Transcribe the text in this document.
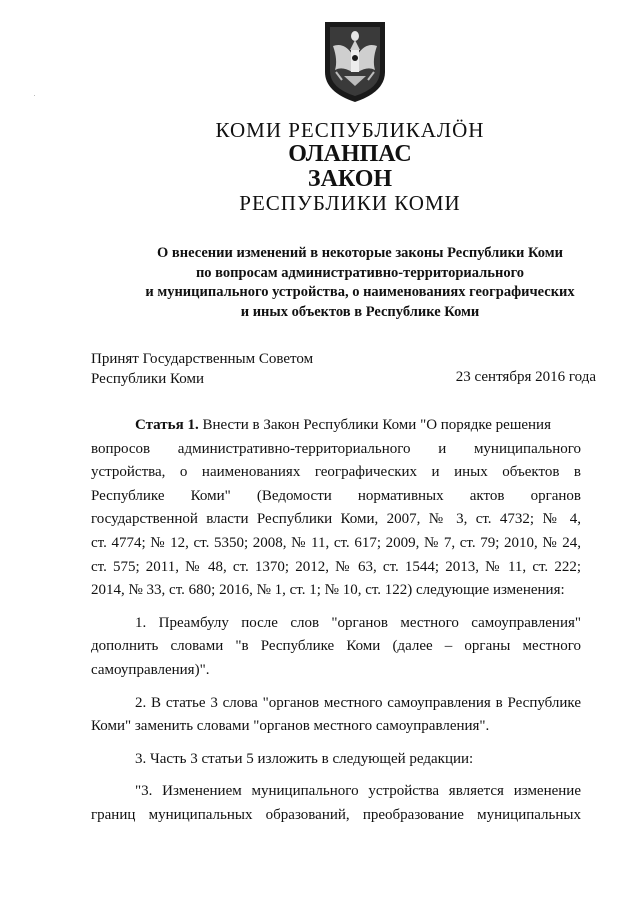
КОМИ РЕСПУБЛИКАЛӦН
ОЛАНПАС
ЗАКОН
РЕСПУБЛИКИ КОМИ
О внесении изменений в некоторые законы Республики Коми
по вопросам административно-территориального
и муниципального устройства, о наименованиях географических
и иных объектов в Республике Коми
Принят Государственным Советом
Республики Коми	23 сентября 2016 года
Статья 1. Внести в Закон Республики Коми "О порядке решения
вопросов административно-территориального и муниципального
устройства, о наименованиях географических и иных объектов в
Республике Коми" (Ведомости нормативных актов органов
государственной власти Республики Коми, 2007, № 3, ст. 4732; № 4,
ст. 4774; № 12, ст. 5350; 2008, № 11, ст. 617; 2009, № 7, ст. 79; 2010, № 24,
ст. 575; 2011, № 48, ст. 1370; 2012, № 63, ст. 1544; 2013, № 11, ст. 222;
2014, № 33, ст. 680; 2016, № 1, ст. 1; № 10, ст. 122) следующие изменения:
1. Преамбулу после слов "органов местного самоуправления"
дополнить словами "в Республике Коми (далее – органы местного
самоуправления)".
2. В статье 3 слова "органов местного самоуправления в Республике
Коми" заменить словами "органов местного самоуправления".
3. Часть 3 статьи 5 изложить в следующей редакции:
"3. Изменением муниципального устройства является изменение
границ муниципальных образований, преобразование муниципальных
